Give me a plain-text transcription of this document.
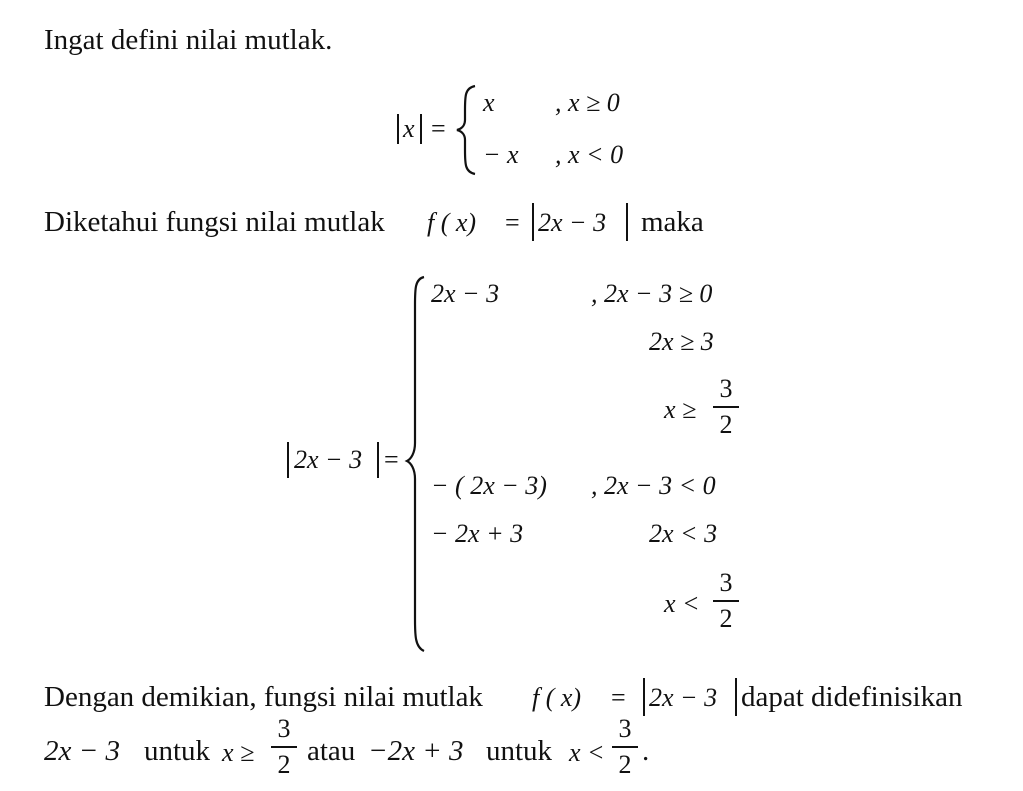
Ingat defini nilai mutlak.
x =
x , x ≥ 0
− x , x < 0
Diketahui fungsi nilai mutlak f ( x) = 2x − 3 maka
2x − 3 =
2x − 3	, 2x − 3 ≥ 0
2x ≥ 3
x ≥
3
2
− ( 2x − 3) , 2x − 3 < 0
− 2x + 3	2x < 3
x <
3
2
Dengan demikian, fungsi nilai mutlak f ( x) = 2x − 3 dapat didefinisikan
2x − 3 untuk x ≥
3
2 atau −2x + 3 untuk x <
3
2 .
